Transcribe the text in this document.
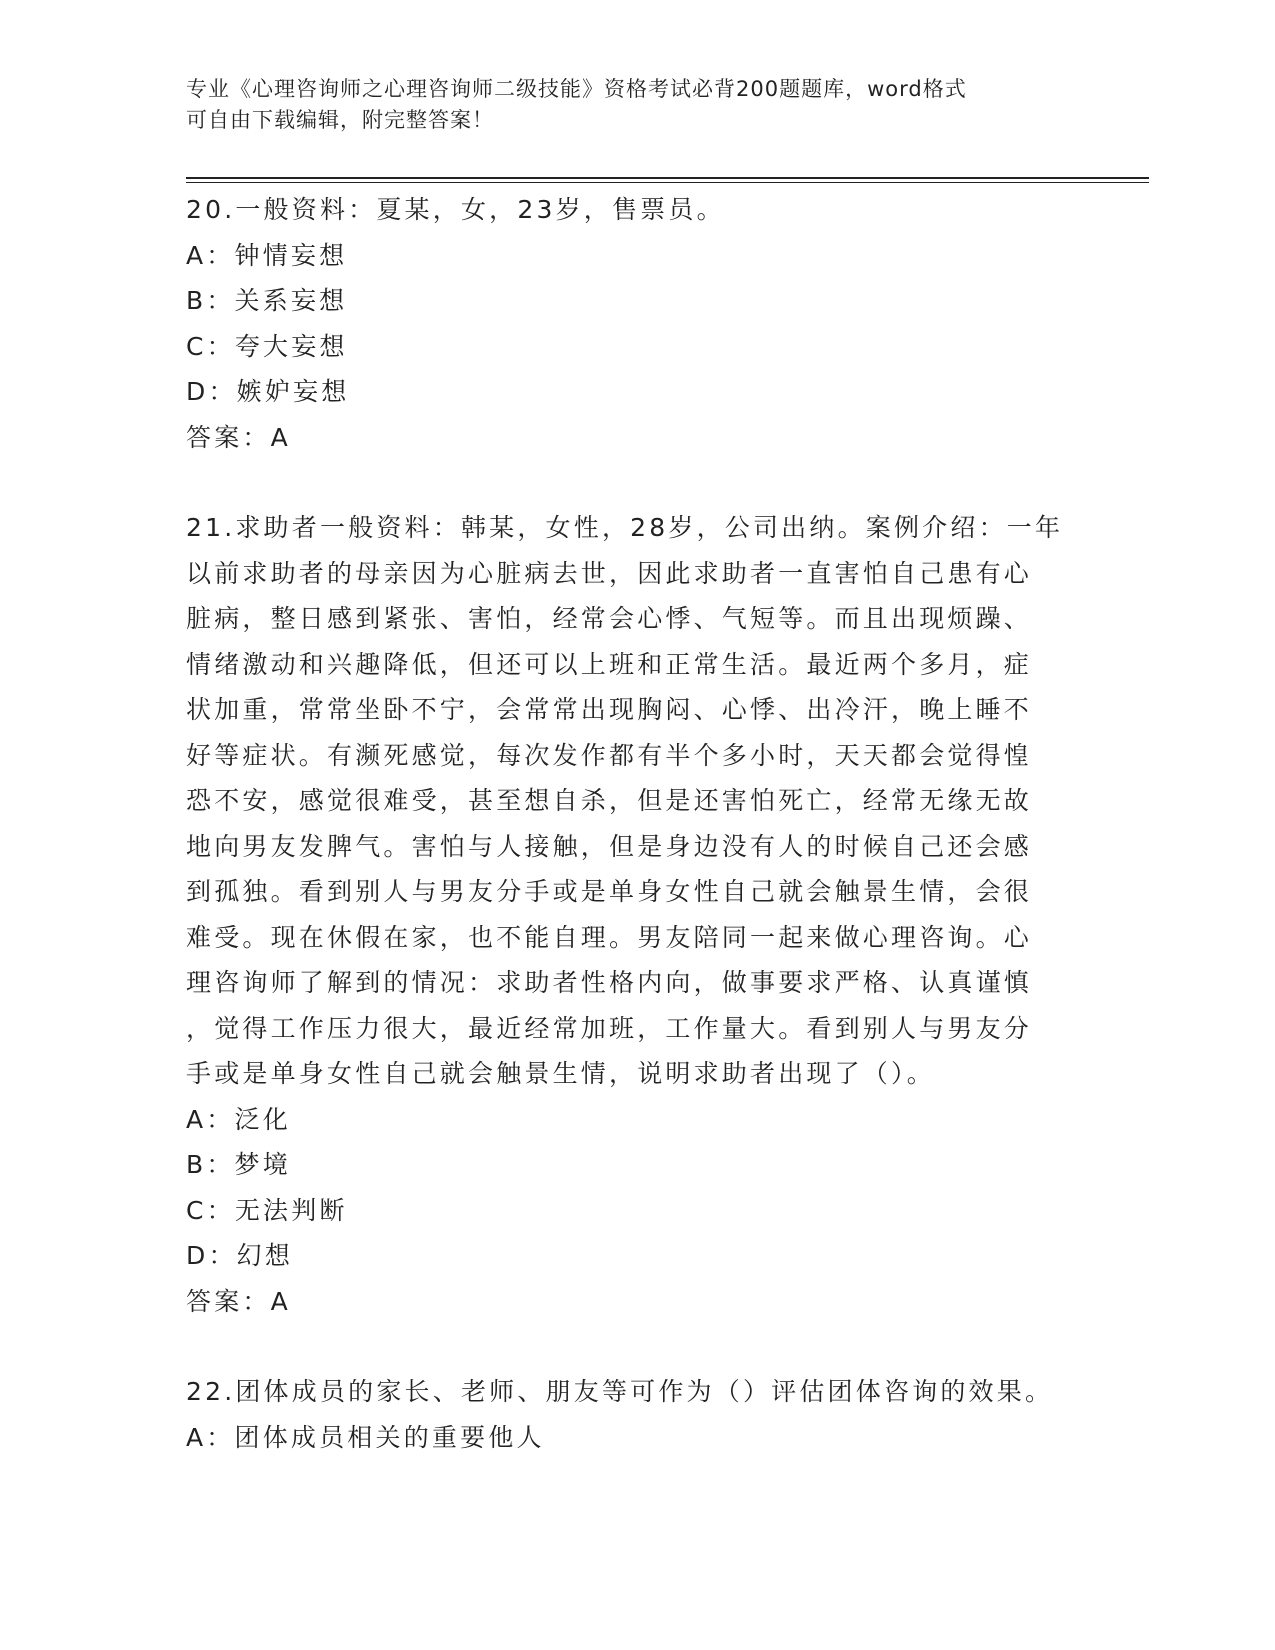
专业《心理咨询师之心理咨询师二级技能》资格考试必背200题题库，word格式
可自由下载编辑，附完整答案！

20.一般资料：夏某，女，23岁，售票员。

A：钟情妄想

B：关系妄想

C：夸大妄想

D：嫉妒妄想

答案：A

21.求助者一般资料：韩某，女性，28岁，公司出纳。案例介绍：一年

以前求助者的母亲因为心脏病去世，因此求助者一直害怕自己患有心

脏病，整日感到紧张、害怕，经常会心悸、气短等。而且出现烦躁、

情绪激动和兴趣降低，但还可以上班和正常生活。最近两个多月，症

状加重，常常坐卧不宁，会常常出现胸闷、心悸、出冷汗，晚上睡不

好等症状。有濒死感觉，每次发作都有半个多小时，天天都会觉得惶

恐不安，感觉很难受，甚至想自杀，但是还害怕死亡，经常无缘无故

地向男友发脾气。害怕与人接触，但是身边没有人的时候自己还会感

到孤独。看到别人与男友分手或是单身女性自己就会触景生情，会很

难受。现在休假在家，也不能自理。男友陪同一起来做心理咨询。心

理咨询师了解到的情况：求助者性格内向，做事要求严格、认真谨慎

，觉得工作压力很大，最近经常加班，工作量大。看到别人与男友分

手或是单身女性自己就会触景生情，说明求助者出现了（）。

A：泛化

B：梦境

C：无法判断

D：幻想

答案：A

22.团体成员的家长、老师、朋友等可作为（）评估团体咨询的效果。

A：团体成员相关的重要他人
